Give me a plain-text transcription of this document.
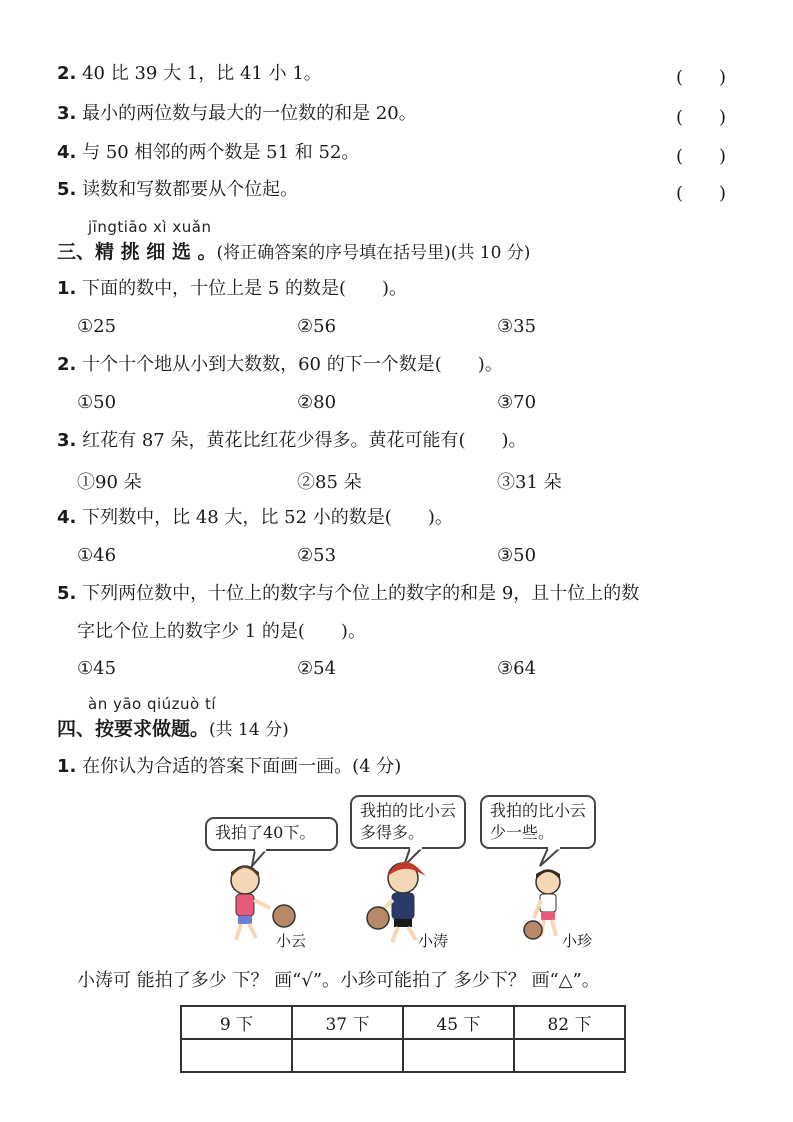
2. 40 比 39 大 1，比 41 小 1。	(　　)
3. 最小的两位数与最大的一位数的和是 20。	(　　)
4. 与 50 相邻的两个数是 51 和 52。	(　　)
5. 读数和写数都要从个位起。	(　　)
jīngtiāo xì xuǎn
三、精 挑 细 选 。(将正确答案的序号填在括号里)(共 10 分)
1. 下面的数中，十位上是 5 的数是(　　)。
①25	②56	③35
2. 十个十个地从小到大数数，60 的下一个数是(　　)。
①50	②80	③70
3. 红花有 87 朵，黄花比红花少得多。黄花可能有(　　)。
①90 朵	②85 朵	③31 朵
4. 下列数中，比 48 大，比 52 小的数是(　　)。
①46	②53	③50
5. 下列两位数中，十位上的数字与个位上的数字的和是 9，且十位上的数
字比个位上的数字少 1 的是(　　)。
①45	②54	③64
àn yāo qiúzuò tí
四、按要求做题。(共 14 分)
1. 在你认为合适的答案下面画一画。(4 分)
我拍了40下。
我拍的比小云多得多。
我拍的比小云少一些。
小云	小涛	小珍
小涛可 能拍了多少 下？ 画“√”。小珍可能拍了 多少下？ 画“△”。
9 下	37 下	45 下	82 下
